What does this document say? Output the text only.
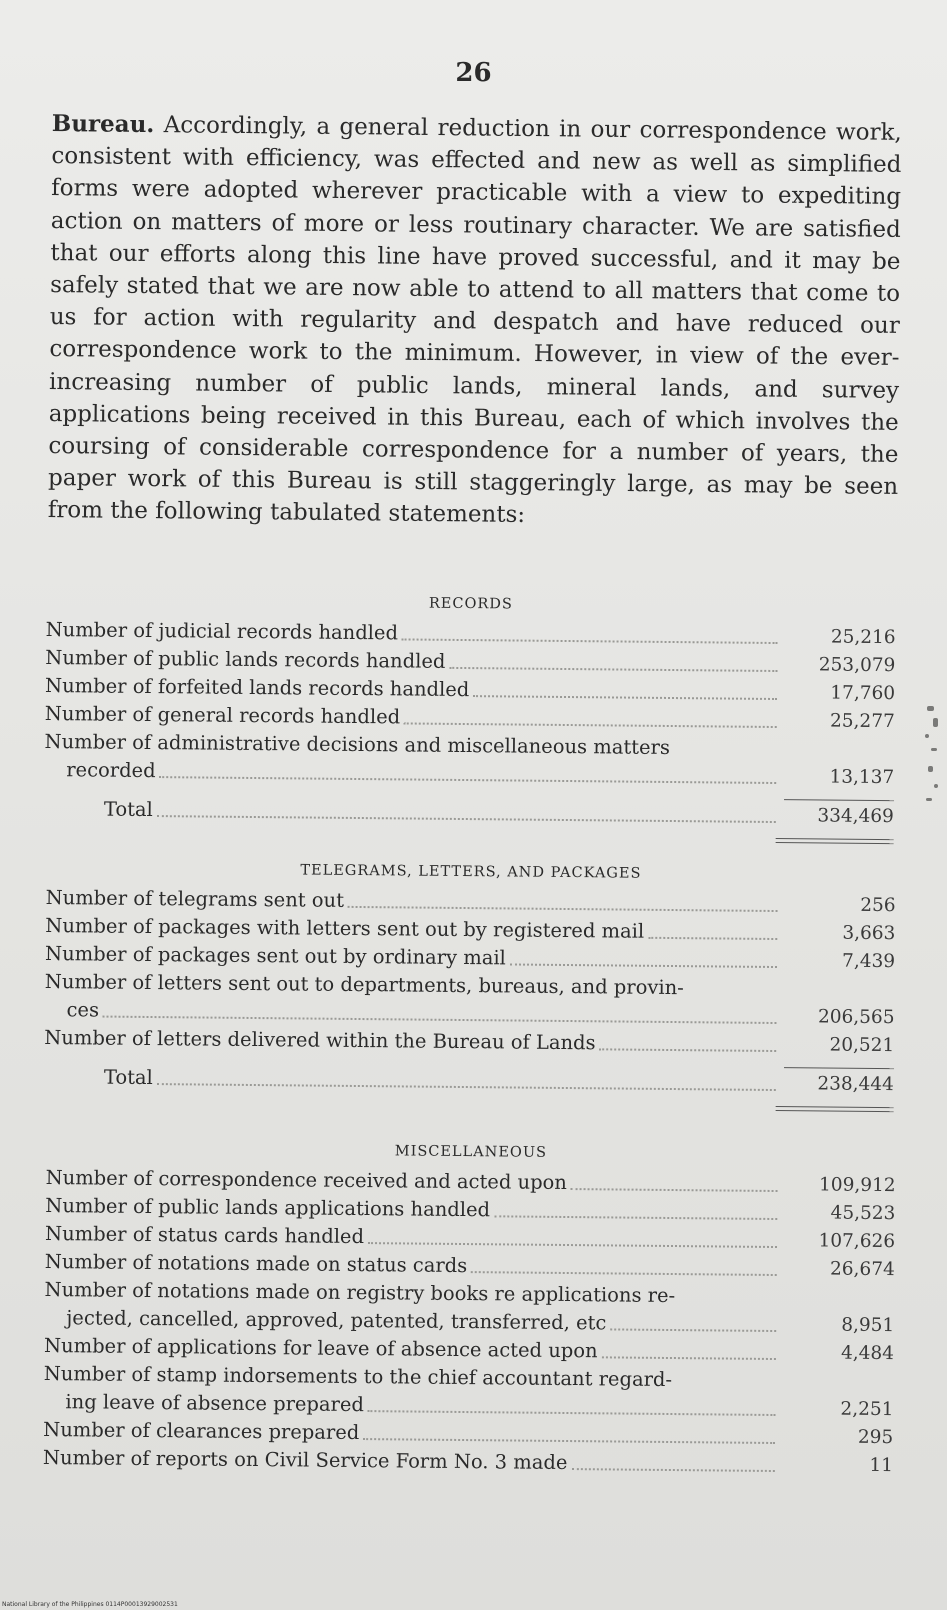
26
Bureau. Accordingly, a general reduction in our correspondence work, consistent with efficiency, was effected and new as well as simplified forms were adopted wherever practicable with a view to expediting action on matters of more or less routinary character. We are satisfied that our efforts along this line have proved successful, and it may be safely stated that we are now able to attend to all matters that come to us for action with regularity and despatch and have reduced our correspondence work to the minimum. However, in view of the ever-increasing number of public lands, mineral lands, and survey applications being received in this Bureau, each of which involves the coursing of considerable correspondence for a number of years, the paper work of this Bureau is still staggeringly large, as may be seen from the following tabulated statements:
RECORDS
Number of judicial records handled	25,216
Number of public lands records handled	253,079
Number of forfeited lands records handled	17,760
Number of general records handled	25,277
Number of administrative decisions and miscellaneous matters
recorded	13,137
Total	334,469
TELEGRAMS, LETTERS, AND PACKAGES
Number of telegrams sent out	256
Number of packages with letters sent out by registered mail	3,663
Number of packages sent out by ordinary mail	7,439
Number of letters sent out to departments, bureaus, and provin-
ces	206,565
Number of letters delivered within the Bureau of Lands	20,521
Total	238,444
MISCELLANEOUS
Number of correspondence received and acted upon	109,912
Number of public lands applications handled	45,523
Number of status cards handled	107,626
Number of notations made on status cards	26,674
Number of notations made on registry books re applications re-
jected, cancelled, approved, patented, transferred, etc	8,951
Number of applications for leave of absence acted upon	4,484
Number of stamp indorsements to the chief accountant regard-
ing leave of absence prepared	2,251
Number of clearances prepared	295
Number of reports on Civil Service Form No. 3 made	11
National Library of the Philippines 0114P00013929002531
